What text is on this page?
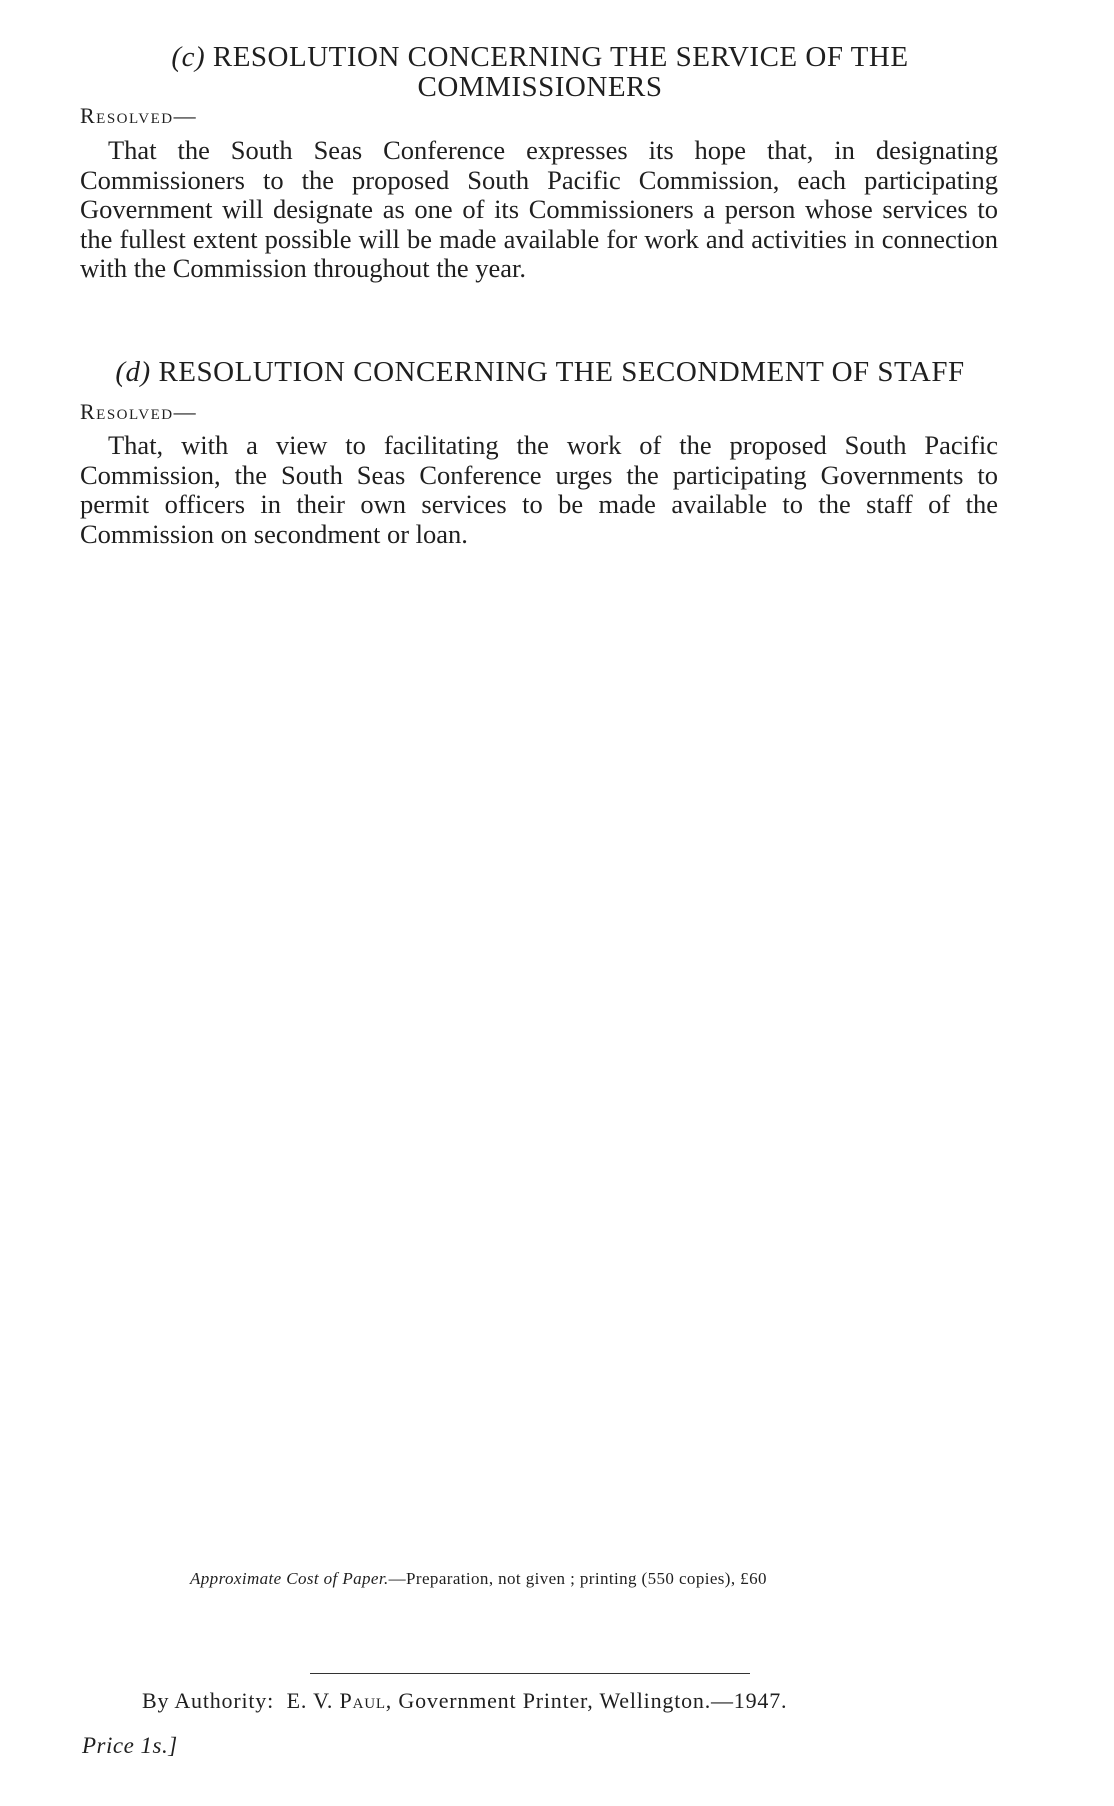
(c) RESOLUTION CONCERNING THE SERVICE OF THE
COMMISSIONERS
Resolved—

That the South Seas Conference expresses its hope that, in designating Commissioners to the proposed South Pacific Commission, each participating Government will designate as one of its Commissioners a person whose services to the fullest extent possible will be made available for work and activities in connection with the Commission throughout the year.

(d) RESOLUTION CONCERNING THE SECONDMENT OF STAFF
Resolved—

That, with a view to facilitating the work of the proposed South Pacific Commission, the South Seas Conference urges the participating Governments to permit officers in their own services to be made available to the staff of the Commission on secondment or loan.

Approximate Cost of Paper.—Preparation, not given ; printing (550 copies), £60
By Authority: E. V. Paul, Government Printer, Wellington.—1947.
Price 1s.]
